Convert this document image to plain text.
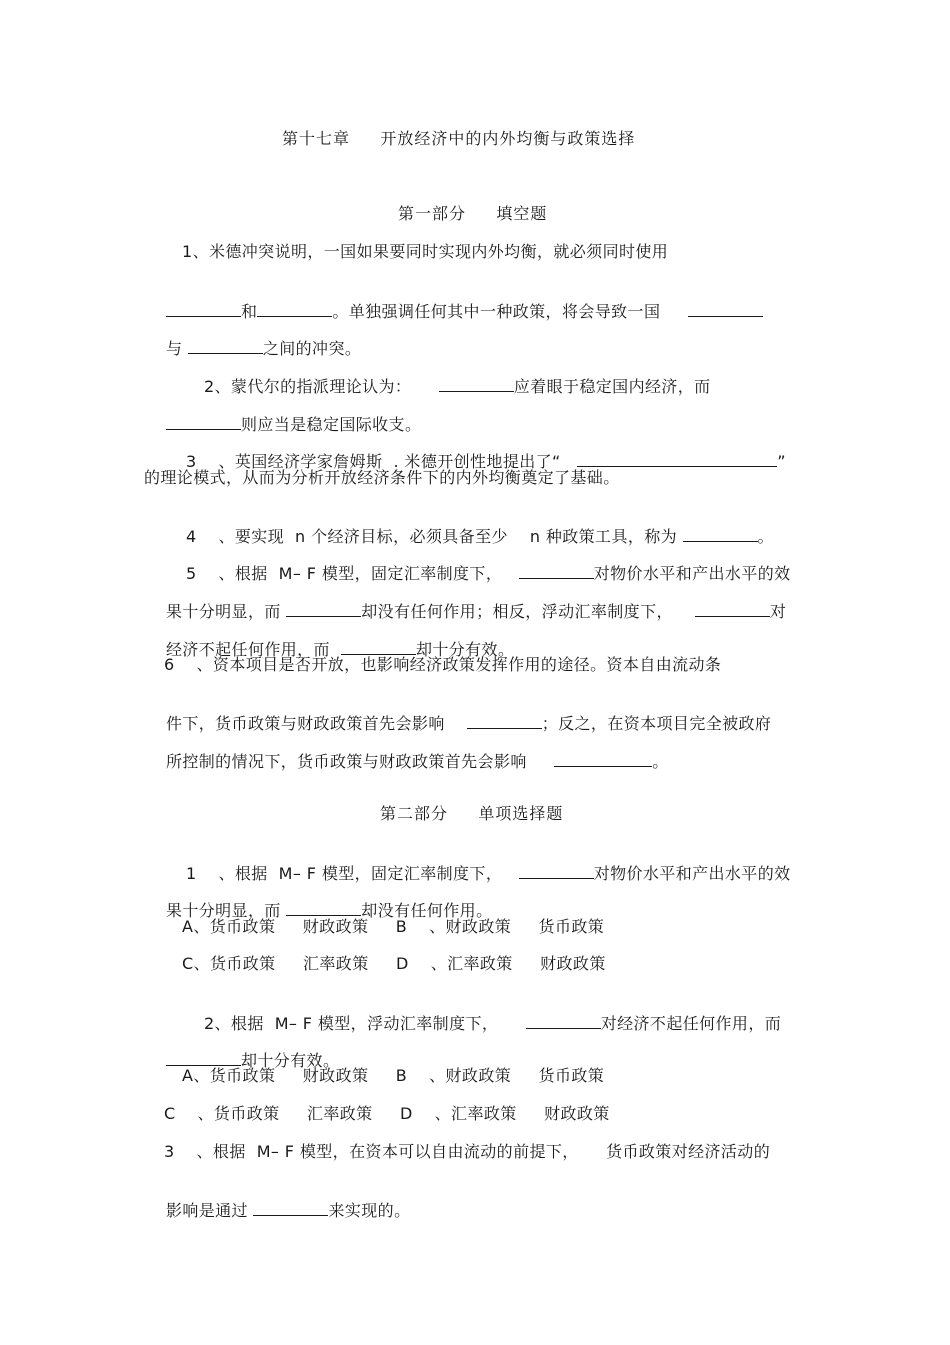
第十七章     开放经济中的内外均衡与政策选择
第一部分     填空题
1、米德冲突说明，一国如果要同时实现内外均衡，就必须同时使用

和	。单独强调任何其中一种政策，将会导致一国

与	之间的冲突。

2、蒙代尔的指派理论认为：	应着眼于稳定国内经济，而

则应当是稳定国际收支。

3    、英国经济学家詹姆斯  . 米德开创性地提出了“	”

的理论模式，从而为分析开放经济条件下的内外均衡奠定了基础。

4    、要实现  n 个经济目标，必须具备至少    n 种政策工具，称为	。

5    、根据  M– F 模型，固定汇率制度下，	对物价水平和产出水平的效

果十分明显，而	却没有任何作用；相反，浮动汇率制度下，	对

经济不起任何作用，而	却十分有效。

6    、资本项目是否开放，也影响经济政策发挥作用的途径。资本自由流动条

件下，货币政策与财政政策首先会影响	；反之，在资本项目完全被政府

所控制的情况下，货币政策与财政政策首先会影响	。

第二部分     单项选择题

1    、根据  M– F 模型，固定汇率制度下，	对物价水平和产出水平的效

果十分明显，而	却没有任何作用。

A、货币政策     财政政策     B    、财政政策     货币政策
C、货币政策     汇率政策     D    、汇率政策     财政政策

2、根据  M– F 模型，浮动汇率制度下，	对经济不起任何作用，而

却十分有效。

A、货币政策     财政政策     B    、财政政策     货币政策
C    、货币政策     汇率政策     D    、汇率政策     财政政策
3    、根据  M– F 模型，在资本可以自由流动的前提下，     货币政策对经济活动的

影响是通过	来实现的。
